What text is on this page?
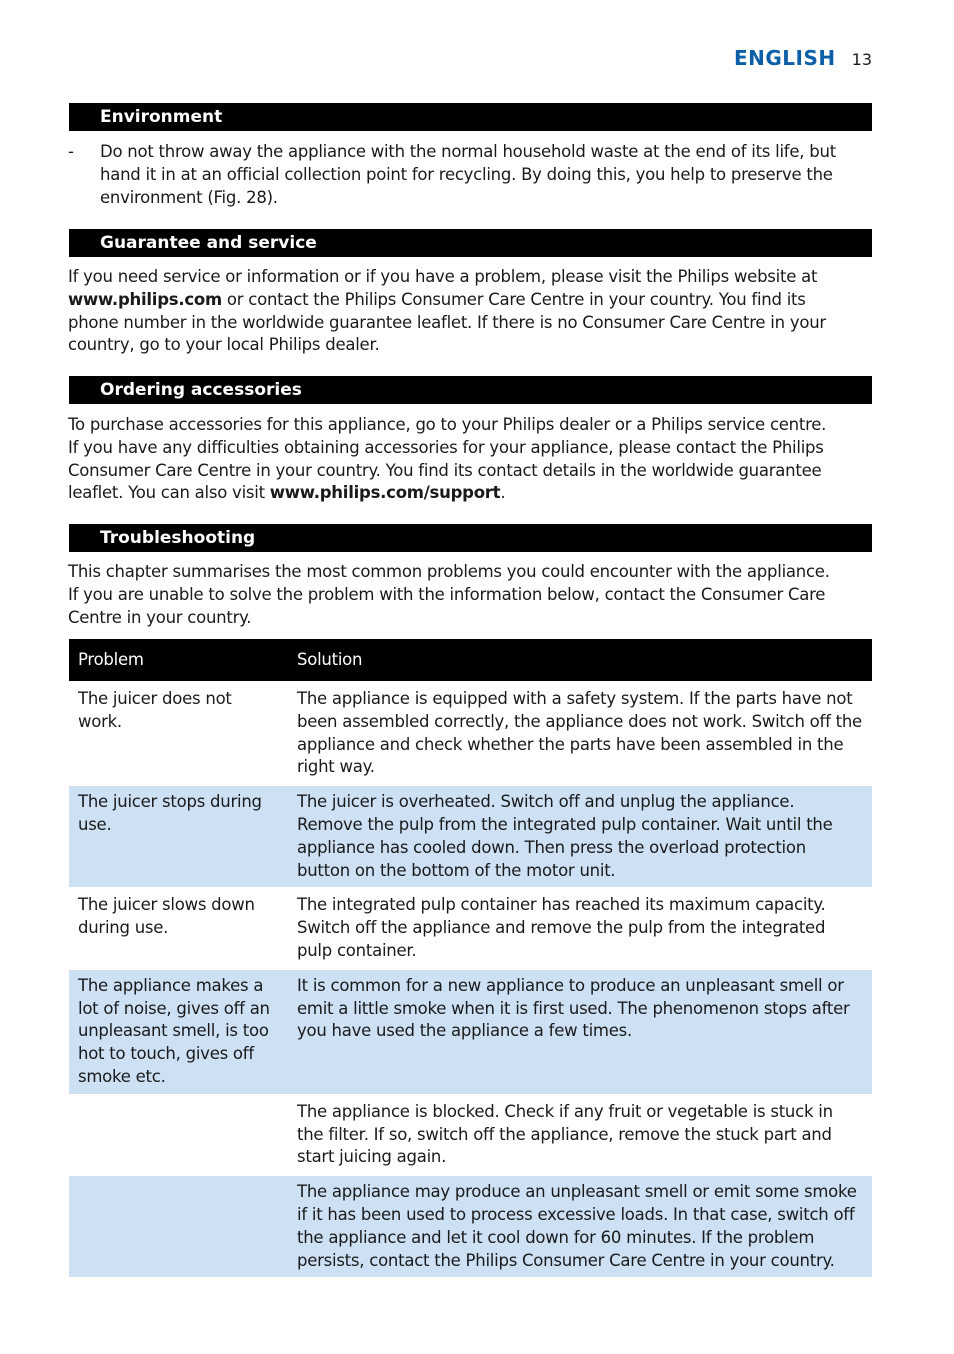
ENGLISH 13
Environment
- Do not throw away the appliance with the normal household waste at the end of its life, but hand it in at an official collection point for recycling. By doing this, you help to preserve the environment (Fig. 28).
Guarantee and service
If you need service or information or if you have a problem, please visit the Philips website at www.philips.com or contact the Philips Consumer Care Centre in your country. You find its phone number in the worldwide guarantee leaflet. If there is no Consumer Care Centre in your country, go to your local Philips dealer.
Ordering accessories
To purchase accessories for this appliance, go to your Philips dealer or a Philips service centre.
If you have any difficulties obtaining accessories for your appliance, please contact the Philips Consumer Care Centre in your country. You find its contact details in the worldwide guarantee leaflet. You can also visit www.philips.com/support.
Troubleshooting
This chapter summarises the most common problems you could encounter with the appliance.
If you are unable to solve the problem with the information below, contact the Consumer Care Centre in your country.
Problem	Solution
The juicer does not work.	The appliance is equipped with a safety system. If the parts have not been assembled correctly, the appliance does not work. Switch off the appliance and check whether the parts have been assembled in the right way.
The juicer stops during use.	The juicer is overheated. Switch off and unplug the appliance. Remove the pulp from the integrated pulp container. Wait until the appliance has cooled down. Then press the overload protection button on the bottom of the motor unit.
The juicer slows down during use.	The integrated pulp container has reached its maximum capacity. Switch off the appliance and remove the pulp from the integrated pulp container.
The appliance makes a lot of noise, gives off an unpleasant smell, is too hot to touch, gives off smoke etc.	It is common for a new appliance to produce an unpleasant smell or emit a little smoke when it is first used. The phenomenon stops after you have used the appliance a few times.
	The appliance is blocked. Check if any fruit or vegetable is stuck in the filter. If so, switch off the appliance, remove the stuck part and start juicing again.
	The appliance may produce an unpleasant smell or emit some smoke if it has been used to process excessive loads. In that case, switch off the appliance and let it cool down for 60 minutes. If the problem persists, contact the Philips Consumer Care Centre in your country.
